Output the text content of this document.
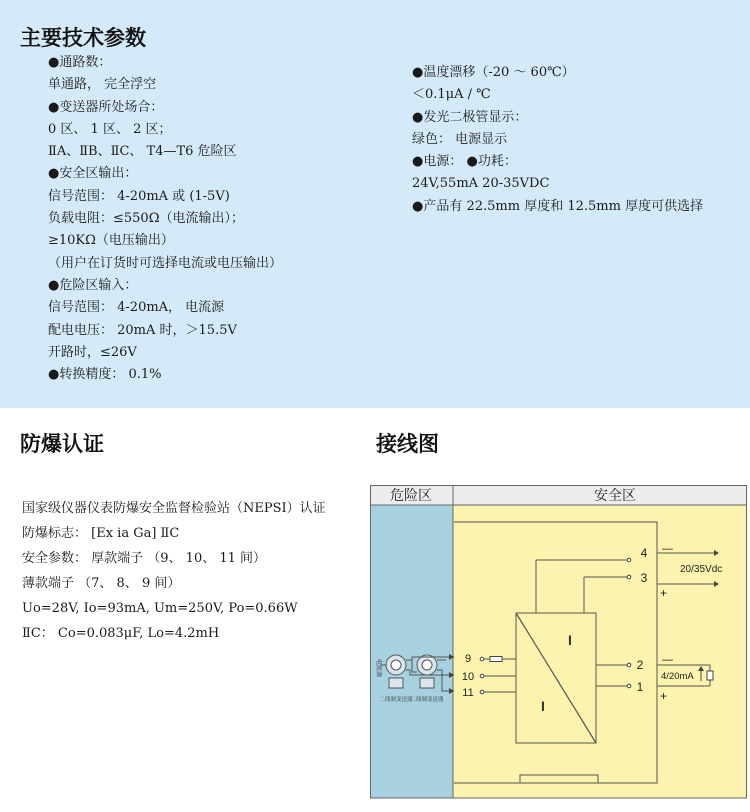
主要技术参数
●通路数：
单通路， 完全浮空
●变送器所处场合：
0 区、 1 区、 2 区；
ⅡA、ⅡB、ⅡC、 T4—T6 危险区
●安全区输出：
信号范围： 4-20mA 或 (1-5V)
负载电阻：≤550Ω（电流输出）；
≥10KΩ（电压输出）
（用户在订货时可选择电流或电压输出）
●危险区输入：
信号范围： 4-20mA， 电流源
配电电压： 20mA 时，＞15.5V
开路时，≤26V
●转换精度： 0.1%
●温度漂移（-20 ～ 60℃）
＜0.1μA / ℃
●发光二极管显示：
绿色： 电源显示
●电源： ●功耗：
24V,55mA 20-35VDC
●产品有 22.5mm 厚度和 12.5mm 厚度可供选择
防爆认证	接线图
国家级仪器仪表防爆安全监督检验站（NEPSI）认证
防爆标志： [Ex ia Ga] ⅡC
安全参数： 厚款端子 （9、 10、 11 间）
薄款端子 （7、 8、 9 间）
Uo=28V, Io=93mA, Um=250V, Po=0.66W
ⅡC： Co=0.083μF, Lo=4.2mH
危险区	安全区
I
I
4
3
2
1
—
+
20/35Vdc
—
+
4/20mA
9
10
11
电流源
二线制变送器
二线制变送器
